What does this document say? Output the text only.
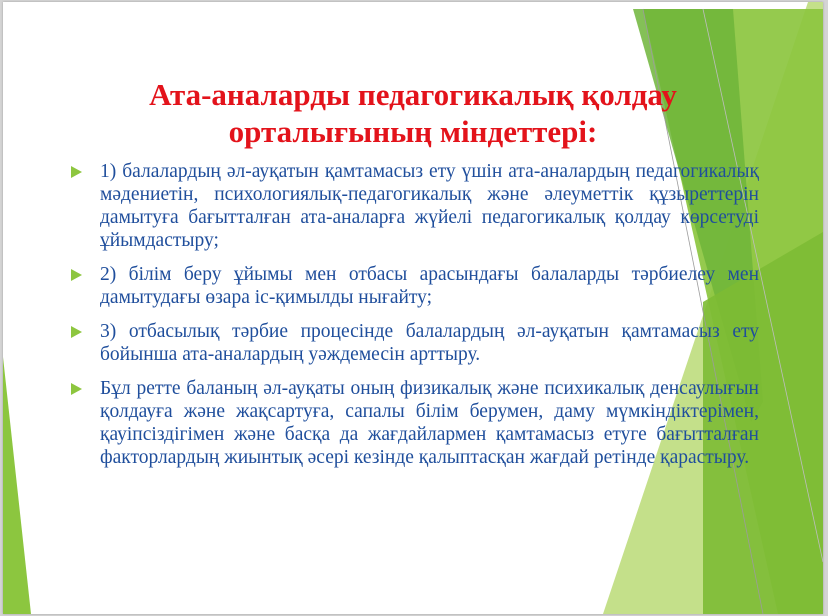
Ата-аналарды педагогикалық қолдау
орталығының міндеттері:
1) балалардың әл-ауқатын қамтамасыз ету үшін ата-аналардың педагогикалық мәдениетін, психологиялық-педагогикалық және әлеуметтік құзыреттерін дамытуға бағытталған ата-аналарға жүйелі педагогикалық қолдау көрсетуді ұйымдастыру;
2) білім беру ұйымы мен отбасы арасындағы балаларды тәрбиелеу мен дамытудағы өзара іс-қимылды нығайту;
3) отбасылық тәрбие процесінде балалардың әл-ауқатын қамтамасыз ету бойынша ата-аналардың уәждемесін арттыру.
Бұл ретте баланың әл-ауқаты оның физикалық және психикалық денсаулығын қолдауға және жақсартуға, сапалы білім берумен, даму мүмкіндіктерімен, қауіпсіздігімен және басқа да жағдайлармен қамтамасыз етуге бағытталған факторлардың жиынтық әсері кезінде қалыптасқан жағдай ретінде қарастыру.
